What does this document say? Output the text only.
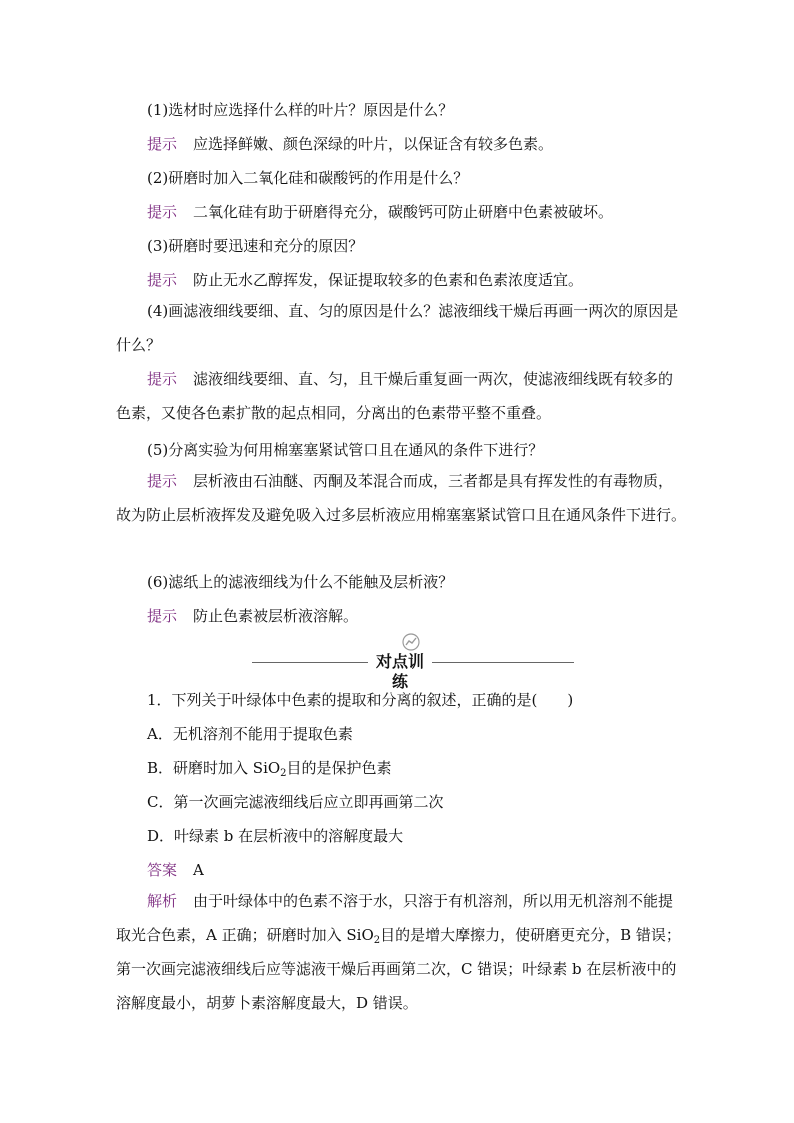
(1)选材时应选择什么样的叶片？原因是什么？
提示 应选择鲜嫩、颜色深绿的叶片，以保证含有较多色素。
(2)研磨时加入二氧化硅和碳酸钙的作用是什么？
提示 二氧化硅有助于研磨得充分，碳酸钙可防止研磨中色素被破坏。
(3)研磨时要迅速和充分的原因？
提示 防止无水乙醇挥发，保证提取较多的色素和色素浓度适宜。
(4)画滤液细线要细、直、匀的原因是什么？滤液细线干燥后再画一两次的原因是什么？
提示 滤液细线要细、直、匀，且干燥后重复画一两次，使滤液细线既有较多的色素，又使各色素扩散的起点相同，分离出的色素带平整不重叠。
(5)分离实验为何用棉塞塞紧试管口且在通风的条件下进行？
提示 层析液由石油醚、丙酮及苯混合而成，三者都是具有挥发性的有毒物质，故为防止层析液挥发及避免吸入过多层析液应用棉塞塞紧试管口且在通风条件下进行。
(6)滤纸上的滤液细线为什么不能触及层析液？
提示 防止色素被层析液溶解。
对点训练
1．下列关于叶绿体中色素的提取和分离的叙述，正确的是(　　)
A．无机溶剂不能用于提取色素
B．研磨时加入 SiO$_2$目的是保护色素
C．第一次画完滤液细线后应立即再画第二次
D．叶绿素 b 在层析液中的溶解度最大
答案 A
解析 由于叶绿体中的色素不溶于水，只溶于有机溶剂，所以用无机溶剂不能提取光合色素，A 正确；研磨时加入 SiO$_2$目的是增大摩擦力，使研磨更充分，B 错误；第一次画完滤液细线后应等滤液干燥后再画第二次，C 错误；叶绿素 b 在层析液中的溶解度最小，胡萝卜素溶解度最大，D 错误。
